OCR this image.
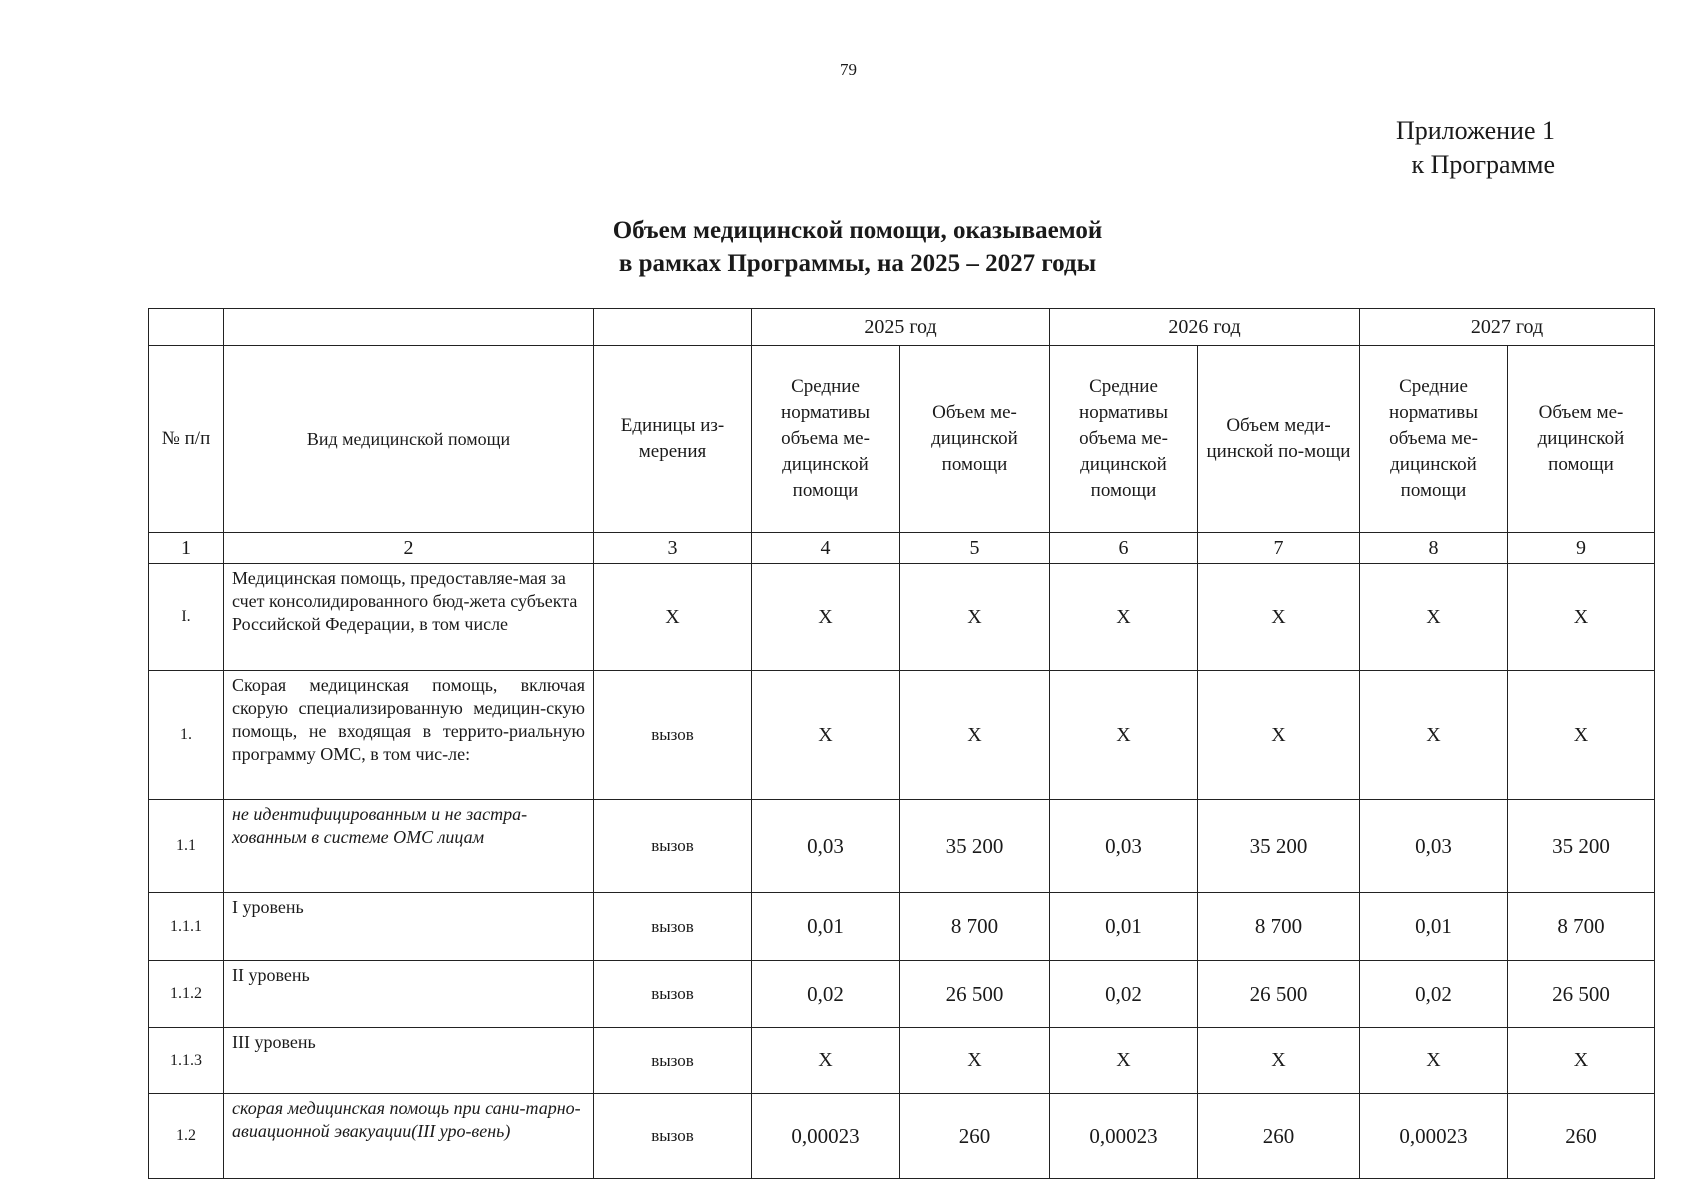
79
Приложение 1
к Программе
Объем медицинской помощи, оказываемой
в рамках Программы, на 2025 – 2027 годы
			2025 год		2026 год		2027 год	
№ п/п	Вид медицинской помощи	Единицы из-мерения	Средние нормативы объема ме-дицинской помощи	Объем ме-дицинской помощи	Средние нормативы объема ме-дицинской помощи	Объем меди-цинской по-мощи	Средние нормативы объема ме-дицинской помощи	Объем ме-дицинской помощи
1	2	3	4	5	6	7	8	9
I.	Медицинская помощь, предоставляе-мая за счет консолидированного бюд-жета субъекта Российской Федерации, в том числе	X	X	X	X	X	X	X
1.	Скорая медицинская помощь, включая скорую специализированную медицин-скую помощь, не входящая в террито-риальную программу ОМС, в том чис-ле:	вызов	X	X	X	X	X	X
1.1	не идентифицированным и не застра-хованным в системе ОМС лицам	вызов	0,03	35 200	0,03	35 200	0,03	35 200
1.1.1	I уровень	вызов	0,01	8 700	0,01	8 700	0,01	8 700
1.1.2	II уровень	вызов	0,02	26 500	0,02	26 500	0,02	26 500
1.1.3	III уровень	вызов	X	X	X	X	X	X
1.2	скорая медицинская помощь при сани-тарно-авиационной эвакуации(III уро-вень)	вызов	0,00023	260	0,00023	260	0,00023	260
